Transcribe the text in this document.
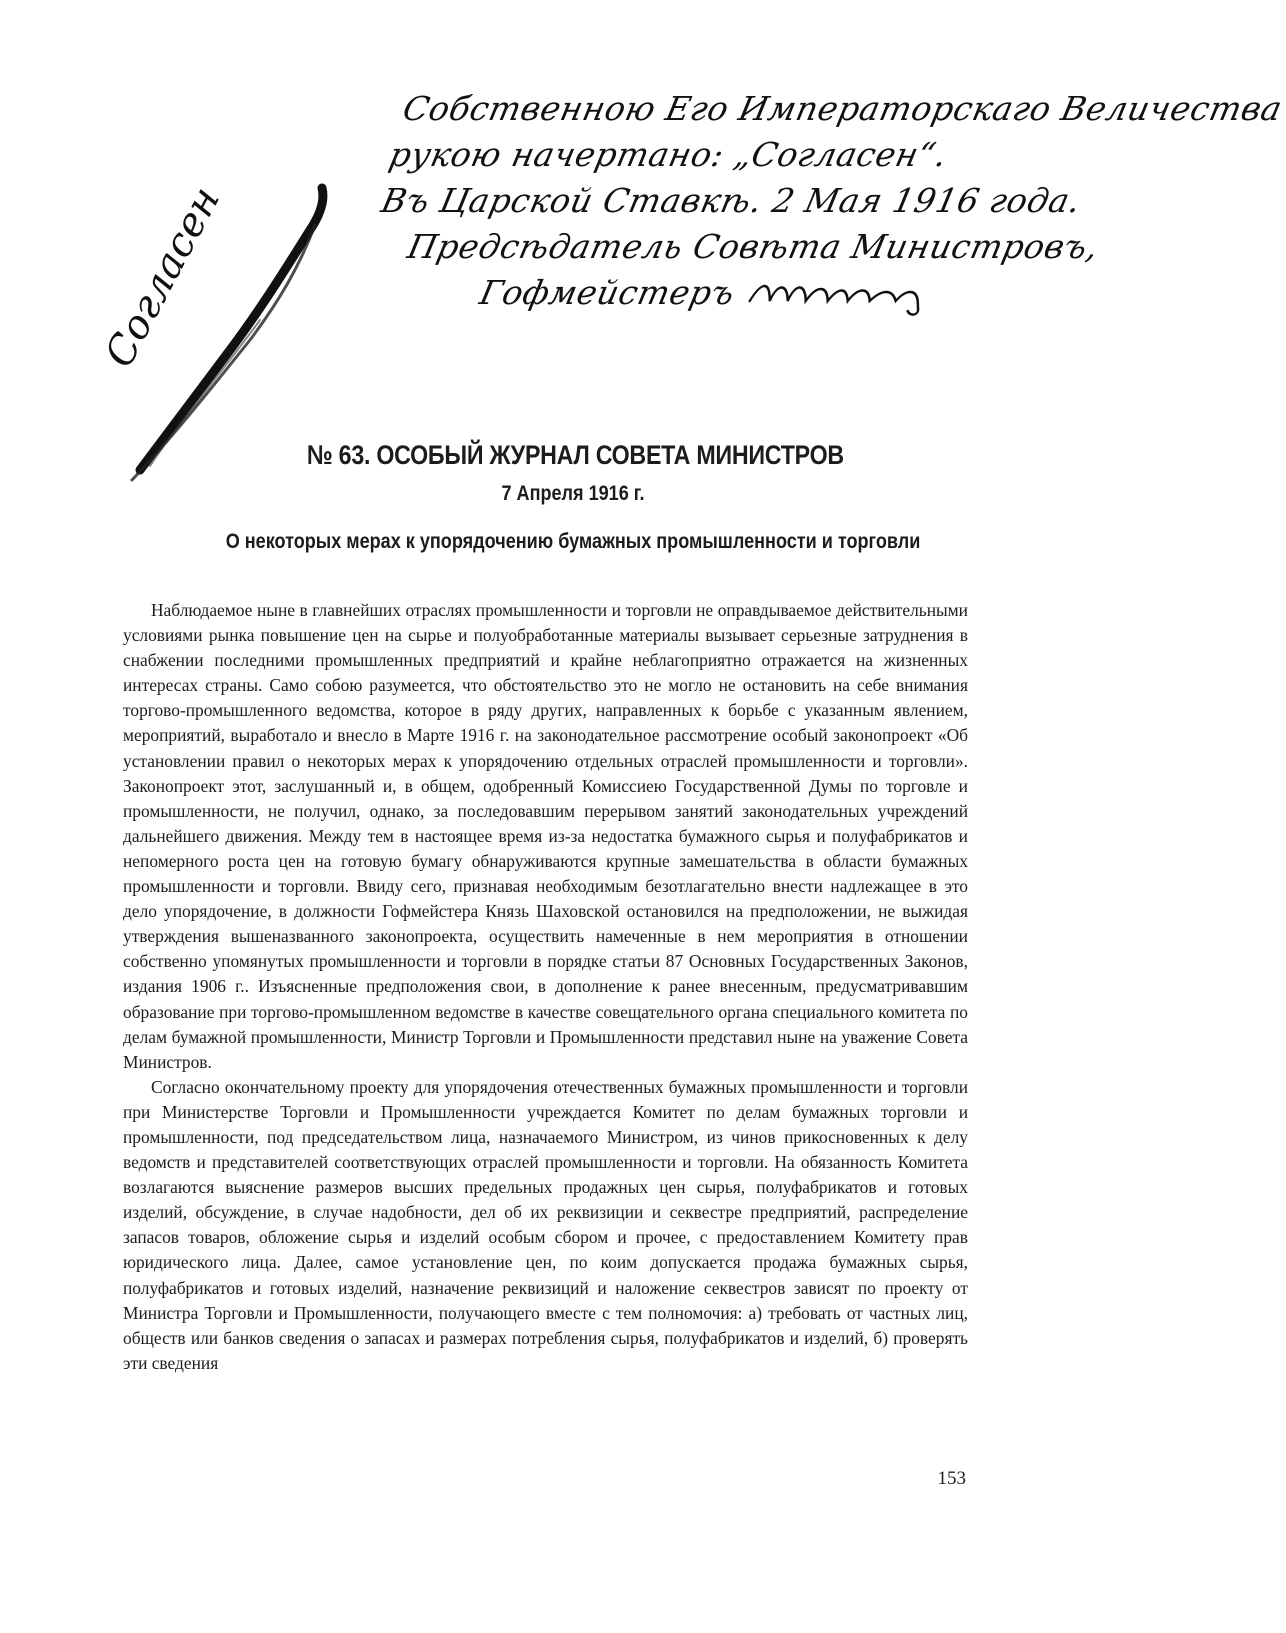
Собственною Его Императорскаго Величества
рукою начертано: „Согласен“.
Въ Царской Ставкѣ. 2 Мая 1916 года.
Предсѣдатель Совѣта Министровъ,
Гофмейстеръ
Согласен
№ 63. ОСОБЫЙ ЖУРНАЛ СОВЕТА МИНИСТРОВ
7 Апреля 1916 г.
О некоторых мерах к упорядочению бумажных промышленности и торговли

Наблюдаемое ныне в главнейших отраслях промышленности и торговли не оправдываемое действительными условиями рынка повышение цен на сырье и полуобработанные материалы вызывает серьезные затруднения в снабжении последними промышленных предприятий и крайне неблагоприятно отражается на жизненных интересах страны. Само собою разумеется, что обстоятельство это не могло не остановить на себе внимания торгово-промышленного ведомства, которое в ряду других, направленных к борьбе с указанным явлением, мероприятий, выработало и внесло в Марте 1916 г. на законодательное рассмотрение особый законопроект «Об установлении правил о некоторых мерах к упорядочению отдельных отраслей промышленности и торговли». Законопроект этот, заслушанный и, в общем, одобренный Комиссиею Государственной Думы по торговле и промышленности, не получил, однако, за последовавшим перерывом занятий законодательных учреждений дальнейшего движения. Между тем в настоящее время из-за недостатка бумажного сырья и полуфабрикатов и непомерного роста цен на готовую бумагу обнаруживаются крупные замешательства в области бумажных промышленности и торговли. Ввиду сего, признавая необходимым безотлагательно внести надлежащее в это дело упорядочение, в должности Гофмейстера Князь Шаховской остановился на предположении, не выжидая утверждения вышеназванного законопроекта, осуществить намеченные в нем мероприятия в отношении собственно упомянутых промышленности и торговли в порядке статьи 87 Основных Государственных Законов, издания 1906 г.. Изъясненные предположения свои, в дополнение к ранее внесенным, предусматривавшим образование при торгово-промышленном ведомстве в качестве совещательного органа специального комитета по делам бумажной промышленности, Министр Торговли и Промышленности представил ныне на уважение Совета Министров.

Согласно окончательному проекту для упорядочения отечественных бумажных промышленности и торговли при Министерстве Торговли и Промышленности учреждается Комитет по делам бумажных торговли и промышленности, под председательством лица, назначаемого Министром, из чинов прикосновенных к делу ведомств и представителей соответствующих отраслей промышленности и торговли. На обязанность Комитета возлагаются выяснение размеров высших предельных продажных цен сырья, полуфабрикатов и готовых изделий, обсуждение, в случае надобности, дел об их реквизиции и секвестре предприятий, распределение запасов товаров, обложение сырья и изделий особым сбором и прочее, с предоставлением Комитету прав юридического лица. Далее, самое установление цен, по коим допускается продажа бумажных сырья, полуфабрикатов и готовых изделий, назначение реквизиций и наложение секвестров зависят по проекту от Министра Торговли и Промышленности, получающего вместе с тем полномочия: а) требовать от частных лиц, обществ или банков сведения о запасах и размерах потребления сырья, полуфабрикатов и изделий, б) проверять эти сведения

153
